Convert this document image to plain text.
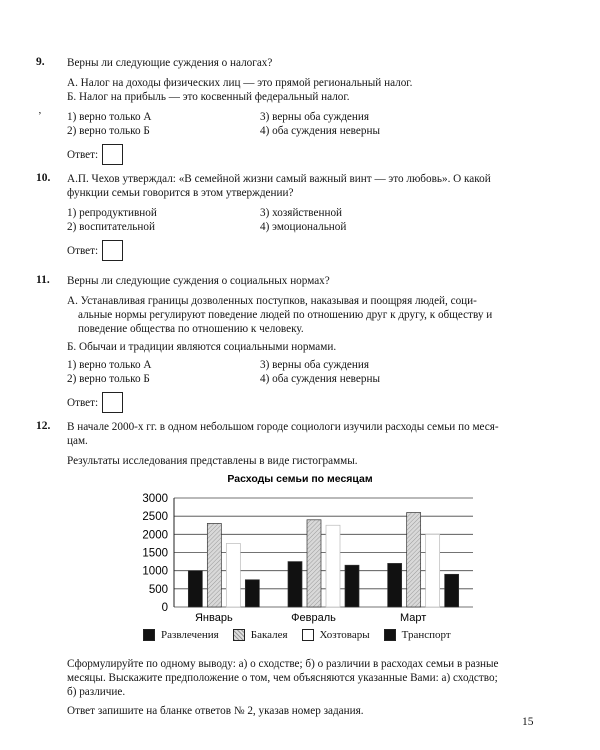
9. Верны ли следующие суждения о налогах?

А. Налог на доходы физических лиц — это прямой региональный налог.

Б. Налог на прибыль — это косвенный федеральный налог.

1) верно только А	3) верны оба суждения
2) верно только Б	4) оба суждения неверны
Ответ:
’
10. А.П. Чехов утверждал: «В семейной жизни самый важный винт — это любовь». О какой

функции семьи говорится в этом утверждении?

1) репродуктивной	3) хозяйственной
2) воспитательной	4) эмоциональной
Ответ:
11. Верны ли следующие суждения о социальных нормах?

А. Устанавливая границы дозволенных поступков, наказывая и поощряя людей, соци-

альные нормы регулируют поведение людей по отношению друг к другу, к обществу и

поведение общества по отношению к человеку.

Б. Обычаи и традиции являются социальными нормами.

1) верно только А	3) верны оба суждения
2) верно только Б	4) оба суждения неверны
Ответ:
12. В начале 2000-х гг. в одном небольшом городе социологи изучили расходы семьи по меся-

цам.

Результаты исследования представлены в виде гистограммы.

Расходы семьи по месяцам
0
500
1000
1500
2000
2500
3000
Январь	Февраль	Март
Развлечения	Бакалея	Хозтовары	Транспорт

Сформулируйте по одному выводу: а) о сходстве; б) о различии в расходах семьи в разные

месяцы. Выскажите предположение о том, чем объясняются указанные Вами: а) сходство;

б) различие.

Ответ запишите на бланке ответов № 2, указав номер задания.

15
